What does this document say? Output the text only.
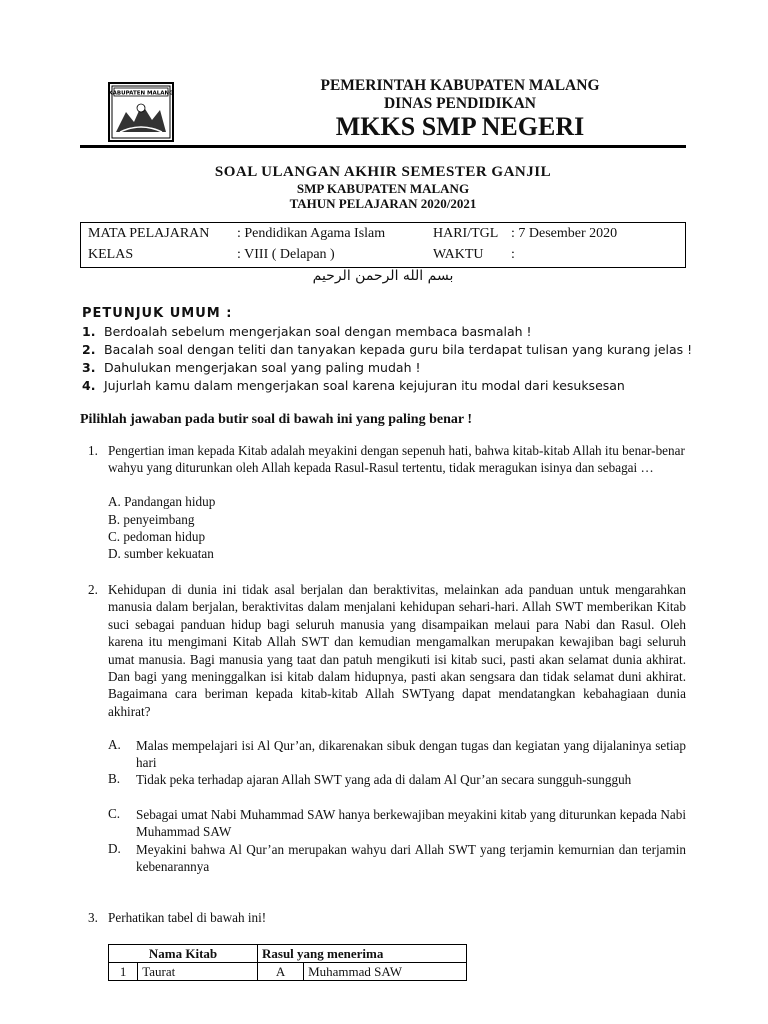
KABUPATEN MALANG	PEMERINTAH KABUPATEN MALANG
DINAS PENDIDIKAN
MKKS SMP NEGERI
SOAL ULANGAN AKHIR SEMESTER GANJIL
SMP KABUPATEN MALANG
TAHUN PELAJARAN 2020/2021
MATA PELAJARAN : Pendidikan Agama Islam	HARI/TGL : 7 Desember 2020
KELAS	: VIII ( Delapan )	WAKTU :
بسم الله الرحمن الرحيم
PETUNJUK UMUM :
1. Berdoalah sebelum mengerjakan soal dengan membaca basmalah !
2. Bacalah soal dengan teliti dan tanyakan kepada guru bila terdapat tulisan yang kurang jelas !
3. Dahulukan mengerjakan soal yang paling mudah !
4. Jujurlah kamu dalam mengerjakan soal karena kejujuran itu modal dari kesuksesan
Pilihlah jawaban pada butir soal di bawah ini yang paling benar !
1. Pengertian iman kepada Kitab adalah meyakini dengan sepenuh hati, bahwa kitab-kitab Allah itu benar-benar wahyu yang diturunkan oleh Allah kepada Rasul-Rasul tertentu, tidak meragukan isinya dan sebagai …
A. Pandangan hidup
B. penyeimbang
C. pedoman hidup
D. sumber kekuatan
2. Kehidupan di dunia ini tidak asal berjalan dan beraktivitas, melainkan ada panduan untuk mengarahkan manusia dalam berjalan, beraktivitas dalam menjalani kehidupan sehari-hari. Allah SWT memberikan Kitab suci sebagai panduan hidup bagi seluruh manusia yang disampaikan melaui para Nabi dan Rasul. Oleh karena itu mengimani Kitab Allah SWT dan kemudian mengamalkan merupakan kewajiban bagi seluruh umat manusia. Bagi manusia yang taat dan patuh mengikuti isi kitab suci, pasti akan selamat dunia akhirat. Dan bagi yang meninggalkan isi kitab dalam hidupnya, pasti akan sengsara dan tidak selamat duni akhirat. Bagaimana cara beriman kepada kitab-kitab Allah SWTyang dapat mendatangkan kebahagiaan dunia akhirat?
A.	Malas mempelajari isi Al Qur’an, dikarenakan sibuk dengan tugas dan kegiatan yang dijalaninya setiap hari
B.	Tidak peka terhadap ajaran Allah SWT yang ada di dalam Al Qur’an secara sungguh-sungguh
C.	Sebagai umat Nabi Muhammad SAW hanya berkewajiban meyakini kitab yang diturunkan kepada Nabi Muhammad SAW
D.	Meyakini bahwa Al Qur’an merupakan wahyu dari Allah SWT yang terjamin kemurnian dan terjamin kebenarannya
3. Perhatikan tabel di bawah ini!
Nama Kitab		Rasul yang menerima	
1	Taurat	A	Muhammad SAW
